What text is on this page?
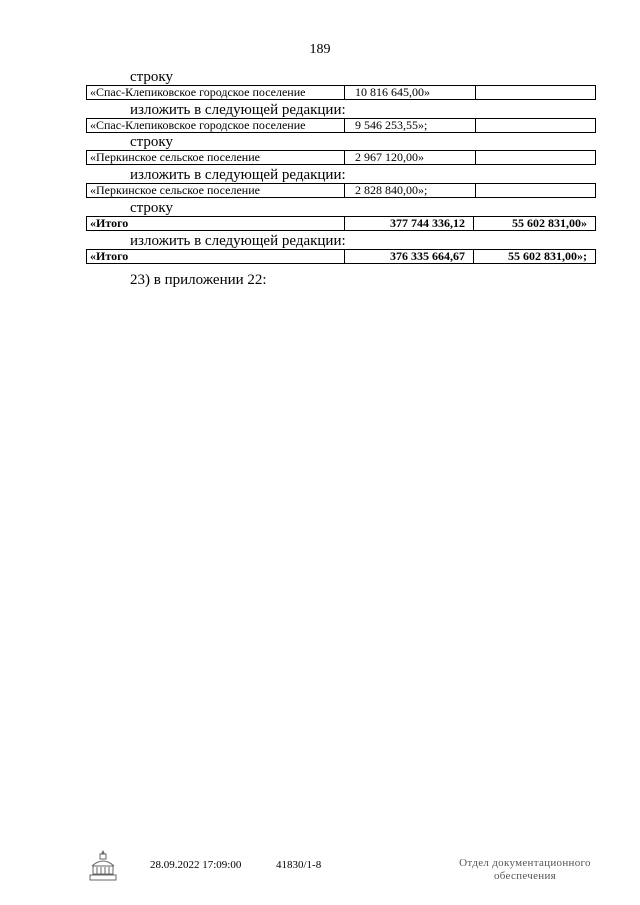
189
строку
«Спас-Клепиковское городское поселение	10 816 645,00»
изложить в следующей редакции:
«Спас-Клепиковское городское поселение	9 546 253,55»;
строку
«Перкинское сельское поселение	2 967 120,00»
изложить в следующей редакции:
«Перкинское сельское поселение	2 828 840,00»;
строку
«Итого	377 744 336,12	55 602 831,00»
изложить в следующей редакции:
«Итого	376 335 664,67	55 602 831,00»;
23) в приложении 22:
28.09.2022 17:09:00	41830/1-8	Отдел документационного
обеспечения
